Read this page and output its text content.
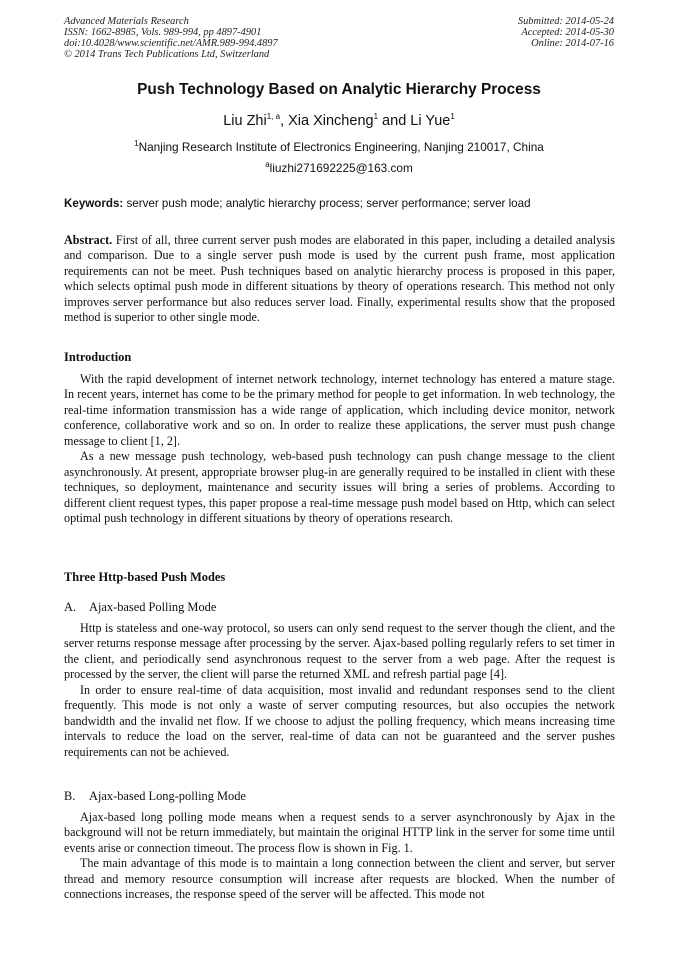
Advanced Materials Research
ISSN: 1662-8985, Vols. 989-994, pp 4897-4901
doi:10.4028/www.scientific.net/AMR.989-994.4897
© 2014 Trans Tech Publications Ltd, Switzerland
Submitted: 2014-05-24
Accepted: 2014-05-30
Online: 2014-07-16
Push Technology Based on Analytic Hierarchy Process
Liu Zhi$^{1, a}$, Xia Xincheng$^1$ and Li Yue$^1$
$^1$Nanjing Research Institute of Electronics Engineering, Nanjing 210017, China
$^a$liuzhi271692225@163.com
Keywords: server push mode; analytic hierarchy process; server performance; server load

Abstract. First of all, three current server push modes are elaborated in this paper, including a detailed analysis and comparison. Due to a single server push mode is used by the current push frame, most application requirements can not be meet. Push techniques based on analytic hierarchy process is proposed in this paper, which selects optimal push mode in different situations by theory of operations research. This method not only improves server performance but also reduces server load. Finally, experimental results show that the proposed method is superior to other single mode.

Introduction

With the rapid development of internet network technology, internet technology has entered a mature stage. In recent years, internet has come to be the primary method for people to get information. In web technology, the real-time information transmission has a wide range of application, which including device monitor, network conference, collaborative work and so on. In order to realize these applications, the server must push change message to client [1, 2].

As a new message push technology, web-based push technology can push change message to the client asynchronously. At present, appropriate browser plug-in are generally required to be installed in client with these techniques, so deployment, maintenance and security issues will bring a series of problems. According to different client request types, this paper propose a real-time message push model based on Http, which can select optimal push technology in different situations by theory of operations research.

Three Http-based Push Modes
A. Ajax-based Polling Mode

Http is stateless and one-way protocol, so users can only send request to the server though the client, and the server returns response message after processing by the server. Ajax-based polling regularly refers to set timer in the client, and periodically send asynchronous request to the server from a web page. After the request is processed by the server, the client will parse the returned XML and refresh partial page [4].

In order to ensure real-time of data acquisition, most invalid and redundant responses send to the client frequently. This mode is not only a waste of server computing resources, but also occupies the network bandwidth and the invalid net flow. If we choose to adjust the polling frequency, which means increasing time intervals to reduce the load on the server, real-time of data can not be guaranteed and the server pushes requirements can not be achieved.

B. Ajax-based Long-polling Mode

Ajax-based long polling mode means when a request sends to a server asynchronously by Ajax in the background will not be return immediately, but maintain the original HTTP link in the server for some time until events arise or connection timeout. The process flow is shown in Fig. 1.

The main advantage of this mode is to maintain a long connection between the client and server, but server thread and memory resource consumption will increase after requests are blocked. When the number of connections increases, the response speed of the server will be affected. This mode not
